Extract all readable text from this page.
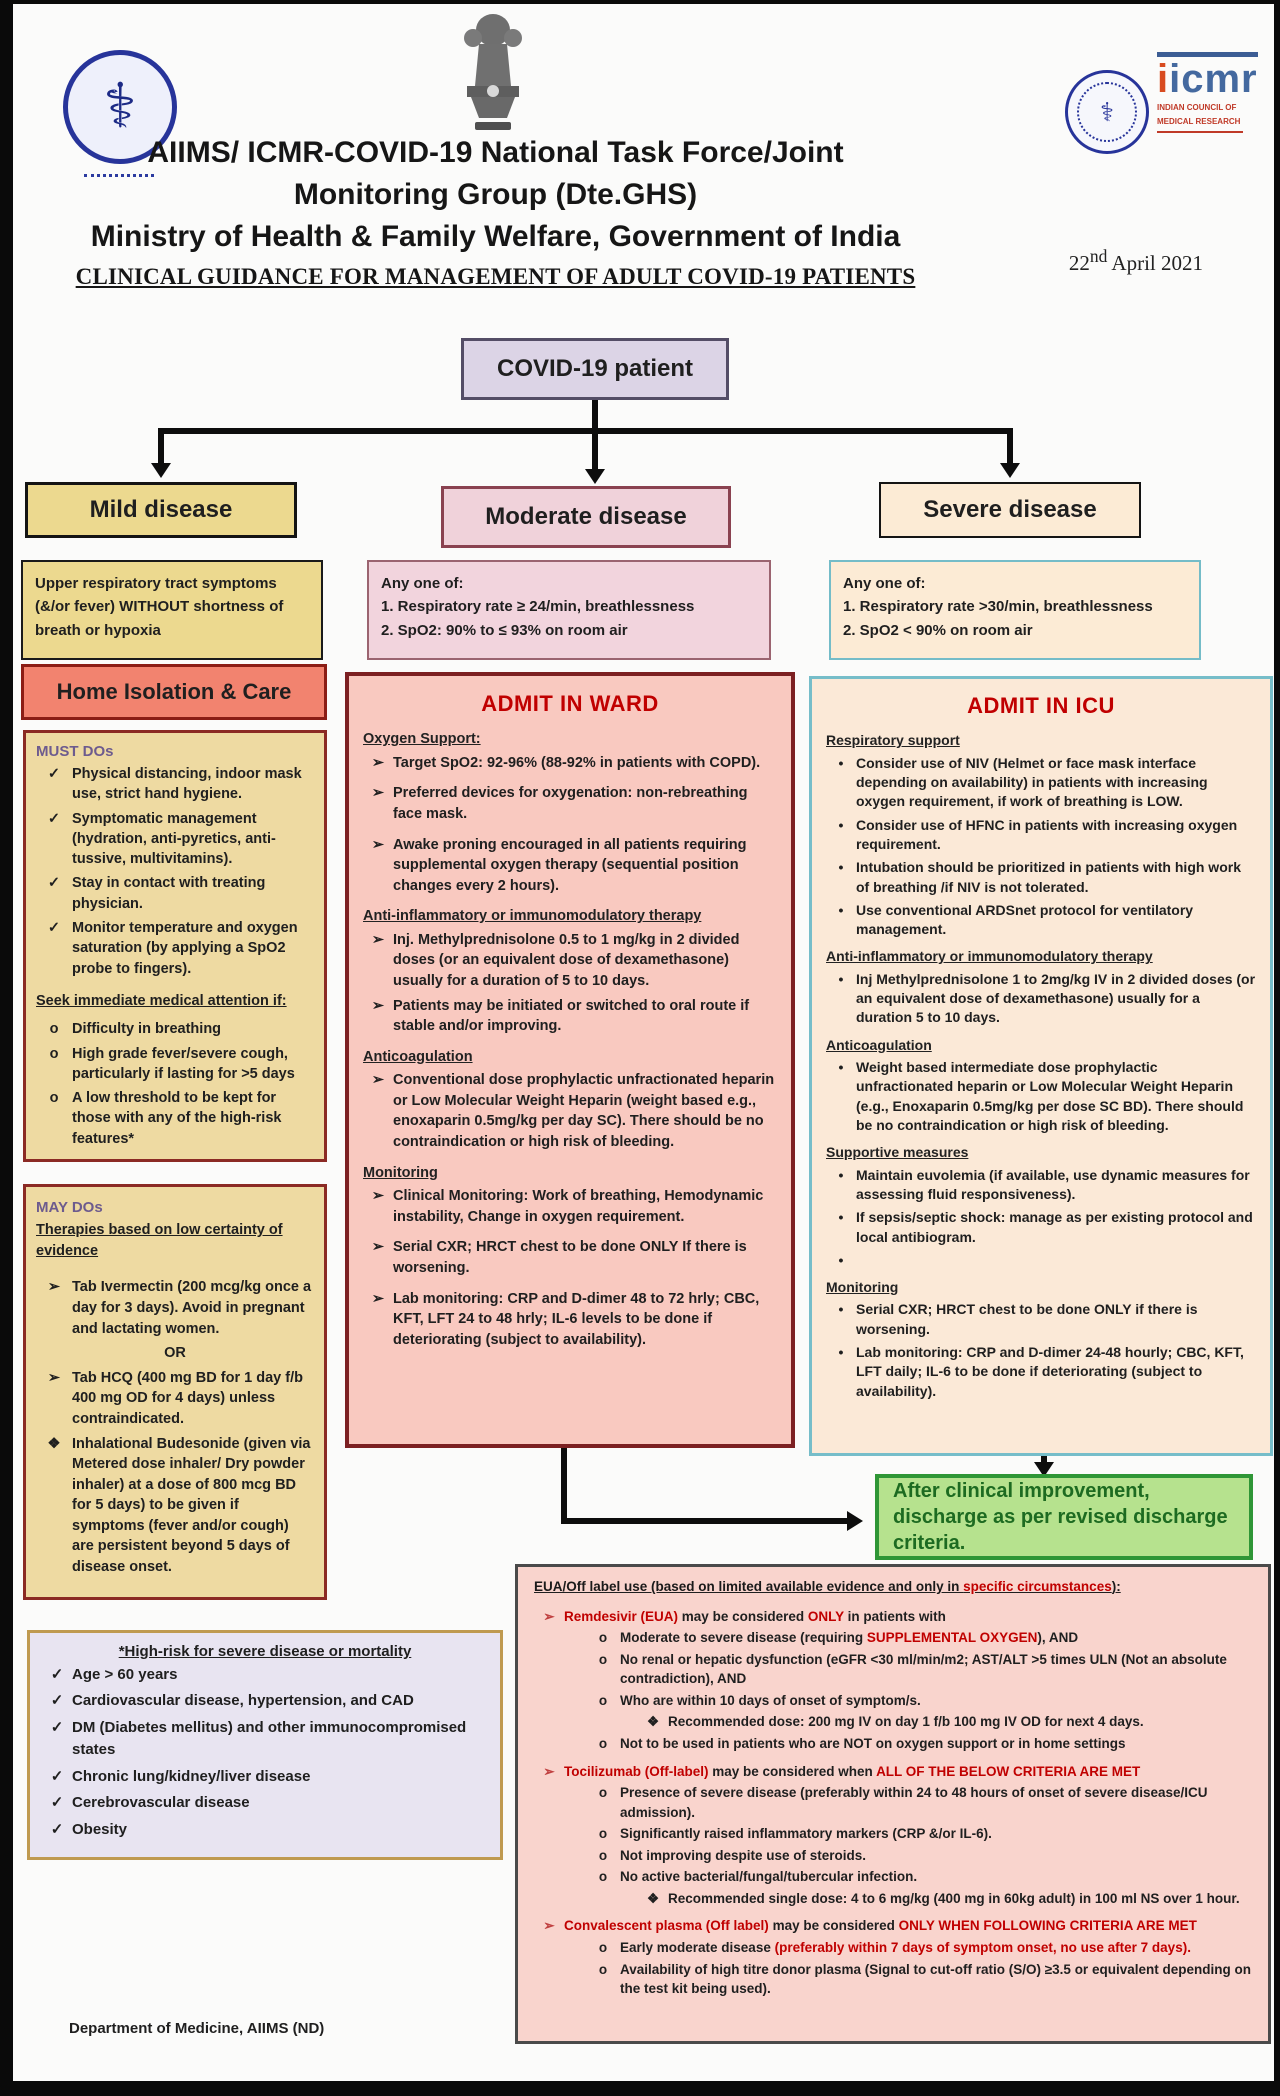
⚕	⚕
iicmr
INDIAN COUNCIL OF
MEDICAL RESEARCH
AIIMS/ ICMR-COVID-19 National Task Force/Joint
Monitoring Group (Dte.GHS)
Ministry of Health & Family Welfare, Government of India
CLINICAL GUIDANCE FOR MANAGEMENT OF ADULT COVID-19 PATIENTS
22nd April 2021
COVID-19 patient
Mild disease	Moderate disease	Severe disease
Upper respiratory tract symptoms (&/or fever) WITHOUT shortness of breath or hypoxia
Any one of:
1. Respiratory rate ≥ 24/min, breathlessness
2. SpO2: 90% to ≤ 93% on room air
Any one of:
1. Respiratory rate >30/min, breathlessness
2. SpO2 < 90% on room air
Home Isolation & Care
MUST DOs
✓ Physical distancing, indoor mask use, strict hand hygiene.
✓ Symptomatic management (hydration, anti-pyretics, anti-tussive, multivitamins).
✓ Stay in contact with treating physician.
✓ Monitor temperature and oxygen saturation (by applying a SpO2 probe to fingers).
Seek immediate medical attention if:
o Difficulty in breathing
o High grade fever/severe cough, particularly if lasting for >5 days
o A low threshold to be kept for those with any of the high-risk features*
MAY DOs
Therapies based on low certainty of evidence
➢ Tab Ivermectin (200 mcg/kg once a day for 3 days). Avoid in pregnant and lactating women.
OR
➢ Tab HCQ (400 mg BD for 1 day f/b 400 mg OD for 4 days) unless contraindicated.
❖ Inhalational Budesonide (given via Metered dose inhaler/ Dry powder inhaler) at a dose of 800 mcg BD for 5 days) to be given if symptoms (fever and/or cough) are persistent beyond 5 days of disease onset.
*High-risk for severe disease or mortality
✓ Age > 60 years
✓ Cardiovascular disease, hypertension, and CAD
✓ DM (Diabetes mellitus) and other immunocompromised states
✓ Chronic lung/kidney/liver disease
✓ Cerebrovascular disease
✓ Obesity
ADMIT IN WARD
Oxygen Support:
➢ Target SpO2: 92-96% (88-92% in patients with COPD).
➢ Preferred devices for oxygenation: non-rebreathing face mask.
➢ Awake proning encouraged in all patients requiring supplemental oxygen therapy (sequential position changes every 2 hours).
Anti-inflammatory or immunomodulatory therapy
➢ Inj. Methylprednisolone 0.5 to 1 mg/kg in 2 divided doses (or an equivalent dose of dexamethasone) usually for a duration of 5 to 10 days.
➢ Patients may be initiated or switched to oral route if stable and/or improving.
Anticoagulation
➢ Conventional dose prophylactic unfractionated heparin or Low Molecular Weight Heparin (weight based e.g., enoxaparin 0.5mg/kg per day SC). There should be no contraindication or high risk of bleeding.
Monitoring
➢ Clinical Monitoring: Work of breathing, Hemodynamic instability, Change in oxygen requirement.
➢ Serial CXR; HRCT chest to be done ONLY If there is worsening.
➢ Lab monitoring: CRP and D-dimer 48 to 72 hrly; CBC, KFT, LFT 24 to 48 hrly; IL-6 levels to be done if deteriorating (subject to availability).
ADMIT IN ICU
Respiratory support
• Consider use of NIV (Helmet or face mask interface depending on availability) in patients with increasing oxygen requirement, if work of breathing is LOW.
• Consider use of HFNC in patients with increasing oxygen requirement.
• Intubation should be prioritized in patients with high work of breathing /if NIV is not tolerated.
• Use conventional ARDSnet protocol for ventilatory management.
Anti-inflammatory or immunomodulatory therapy
• Inj Methylprednisolone 1 to 2mg/kg IV in 2 divided doses (or an equivalent dose of dexamethasone) usually for a duration 5 to 10 days.
Anticoagulation
• Weight based intermediate dose prophylactic unfractionated heparin or Low Molecular Weight Heparin (e.g., Enoxaparin 0.5mg/kg per dose SC BD). There should be no contraindication or high risk of bleeding.
Supportive measures
• Maintain euvolemia (if available, use dynamic measures for assessing fluid responsiveness).
• If sepsis/septic shock: manage as per existing protocol and local antibiogram.
•
Monitoring
• Serial CXR; HRCT chest to be done ONLY if there is worsening.
• Lab monitoring: CRP and D-dimer 24-48 hourly; CBC, KFT, LFT daily; IL-6 to be done if deteriorating (subject to availability).
After clinical improvement, discharge as per revised discharge criteria.
EUA/Off label use (based on limited available evidence and only in specific circumstances):
➢ Remdesivir (EUA) may be considered ONLY in patients with
o Moderate to severe disease (requiring SUPPLEMENTAL OXYGEN), AND
o No renal or hepatic dysfunction (eGFR <30 ml/min/m2; AST/ALT >5 times ULN (Not an absolute contradiction), AND
o Who are within 10 days of onset of symptom/s.
❖ Recommended dose: 200 mg IV on day 1 f/b 100 mg IV OD for next 4 days.
o Not to be used in patients who are NOT on oxygen support or in home settings
➢ Tocilizumab (Off-label) may be considered when ALL OF THE BELOW CRITERIA ARE MET
o Presence of severe disease (preferably within 24 to 48 hours of onset of severe disease/ICU admission).
o Significantly raised inflammatory markers (CRP &/or IL-6).
o Not improving despite use of steroids.
o No active bacterial/fungal/tubercular infection.
❖ Recommended single dose: 4 to 6 mg/kg (400 mg in 60kg adult) in 100 ml NS over 1 hour.
➢ Convalescent plasma (Off label) may be considered ONLY WHEN FOLLOWING CRITERIA ARE MET
o Early moderate disease (preferably within 7 days of symptom onset, no use after 7 days).
o Availability of high titre donor plasma (Signal to cut-off ratio (S/O) ≥3.5 or equivalent depending on the test kit being used).
Department of Medicine, AIIMS (ND)
